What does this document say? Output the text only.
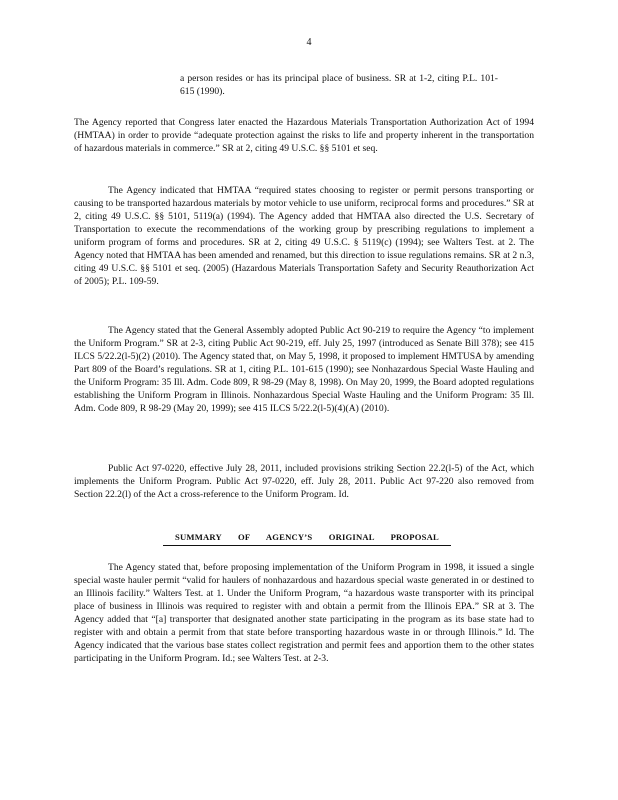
4

a person resides or has its principal place of business. SR at 1-2, citing P.L. 101-615 (1990).

The Agency reported that Congress later enacted the Hazardous Materials Transportation Authorization Act of 1994 (HMTAA) in order to provide “adequate protection against the risks to life and property inherent in the transportation of hazardous materials in commerce.” SR at 2, citing 49 U.S.C. §§ 5101 et seq.

The Agency indicated that HMTAA “required states choosing to register or permit persons transporting or causing to be transported hazardous materials by motor vehicle to use uniform, reciprocal forms and procedures.” SR at 2, citing 49 U.S.C. §§ 5101, 5119(a) (1994). The Agency added that HMTAA also directed the U.S. Secretary of Transportation to execute the recommendations of the working group by prescribing regulations to implement a uniform program of forms and procedures. SR at 2, citing 49 U.S.C. § 5119(c) (1994); see Walters Test. at 2. The Agency noted that HMTAA has been amended and renamed, but this direction to issue regulations remains. SR at 2 n.3, citing 49 U.S.C. §§ 5101 et seq. (2005) (Hazardous Materials Transportation Safety and Security Reauthorization Act of 2005); P.L. 109-59.

The Agency stated that the General Assembly adopted Public Act 90-219 to require the Agency “to implement the Uniform Program.” SR at 2-3, citing Public Act 90-219, eff. July 25, 1997 (introduced as Senate Bill 378); see 415 ILCS 5/22.2(l-5)(2) (2010). The Agency stated that, on May 5, 1998, it proposed to implement HMTUSA by amending Part 809 of the Board’s regulations. SR at 1, citing P.L. 101-615 (1990); see Nonhazardous Special Waste Hauling and the Uniform Program: 35 Ill. Adm. Code 809, R 98-29 (May 8, 1998). On May 20, 1999, the Board adopted regulations establishing the Uniform Program in Illinois. Nonhazardous Special Waste Hauling and the Uniform Program: 35 Ill. Adm. Code 809, R 98-29 (May 20, 1999); see 415 ILCS 5/22.2(l-5)(4)(A) (2010).

Public Act 97-0220, effective July 28, 2011, included provisions striking Section 22.2(l-5) of the Act, which implements the Uniform Program. Public Act 97-0220, eff. July 28, 2011. Public Act 97-220 also removed from Section 22.2(l) of the Act a cross-reference to the Uniform Program. Id.

SUMMARY OF AGENCY’S ORIGINAL PROPOSAL

The Agency stated that, before proposing implementation of the Uniform Program in 1998, it issued a single special waste hauler permit “valid for haulers of nonhazardous and hazardous special waste generated in or destined to an Illinois facility.” Walters Test. at 1. Under the Uniform Program, “a hazardous waste transporter with its principal place of business in Illinois was required to register with and obtain a permit from the Illinois EPA.” SR at 3. The Agency added that “[a] transporter that designated another state participating in the program as its base state had to register with and obtain a permit from that state before transporting hazardous waste in or through Illinois.” Id. The Agency indicated that the various base states collect registration and permit fees and apportion them to the other states participating in the Uniform Program. Id.; see Walters Test. at 2-3.
